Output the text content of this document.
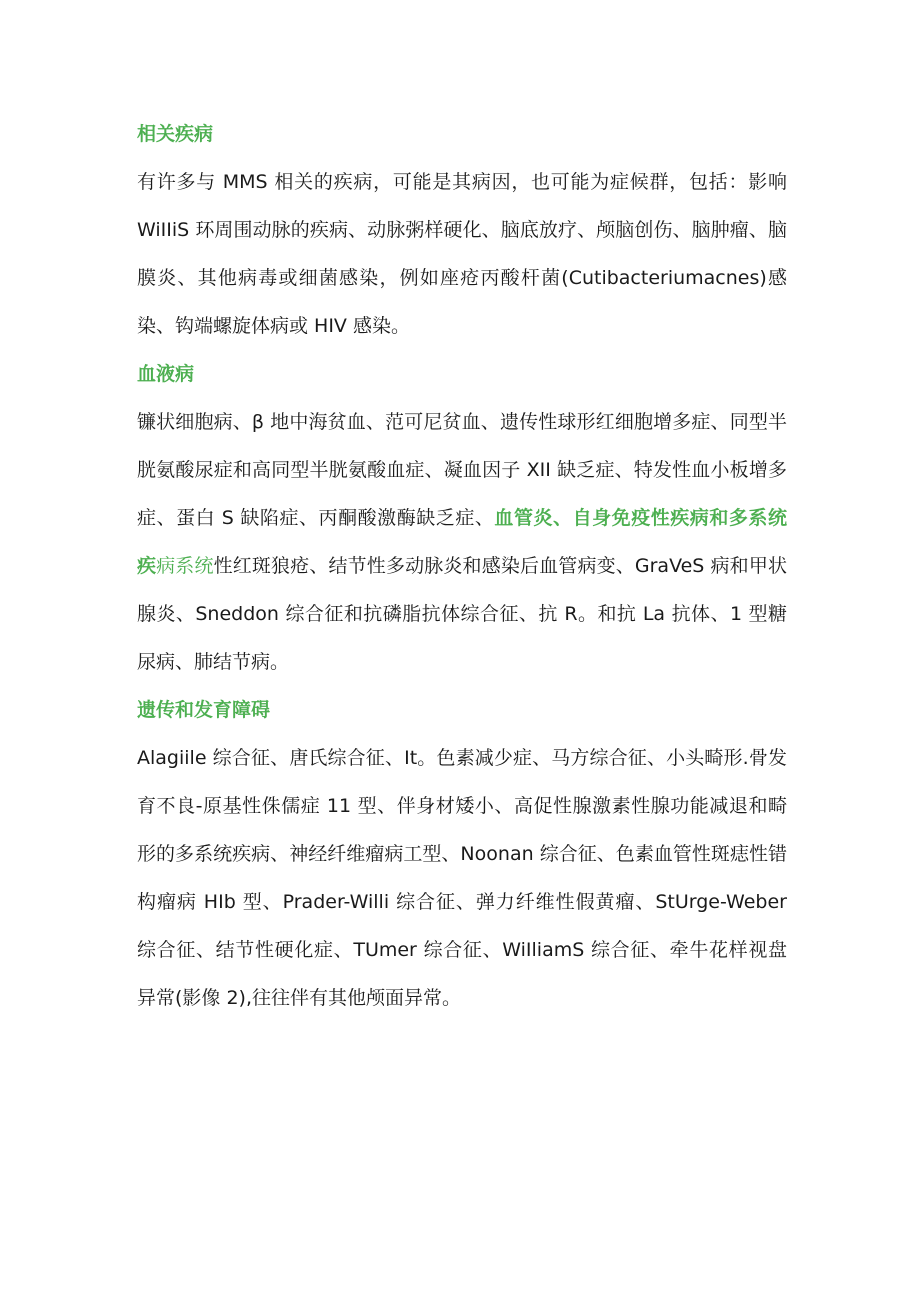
相关疾病

有许多与 MMS 相关的疾病，可能是其病因，也可能为症候群，包括：影响 WiIIiS 环周围动脉的疾病、动脉粥样硬化、脑底放疗、颅脑创伤、脑肿瘤、脑膜炎、其他病毒或细菌感染，例如座疮丙酸杆菌(Cutibacteriumacnes)感染、钩端螺旋体病或 HIV 感染。

血液病

镰状细胞病、β 地中海贫血、范可尼贫血、遗传性球形红细胞增多症、同型半胱氨酸尿症和高同型半胱氨酸血症、凝血因子 XII 缺乏症、特发性血小板增多症、蛋白 S 缺陷症、丙酮酸激酶缺乏症、血管炎、自身免疫性疾病和多系统疾病系统性红斑狼疮、结节性多动脉炎和感染后血管病变、GraVeS 病和甲状腺炎、Sneddon 综合征和抗磷脂抗体综合征、抗 R。和抗 La 抗体、1 型糖尿病、肺结节病。

遗传和发育障碍

Alagiile 综合征、唐氏综合征、It。色素减少症、马方综合征、小头畸形.骨发育不良-原基性侏儒症 11 型、伴身材矮小、高促性腺激素性腺功能减退和畸形的多系统疾病、神经纤维瘤病工型、Noonan 综合征、色素血管性斑痣性错构瘤病 HIb 型、Prader-Willi 综合征、弹力纤维性假黄瘤、StUrge-Weber 综合征、结节性硬化症、TUmer 综合征、WiIliamS 综合征、牵牛花样视盘异常(影像 2),往往伴有其他颅面异常。
